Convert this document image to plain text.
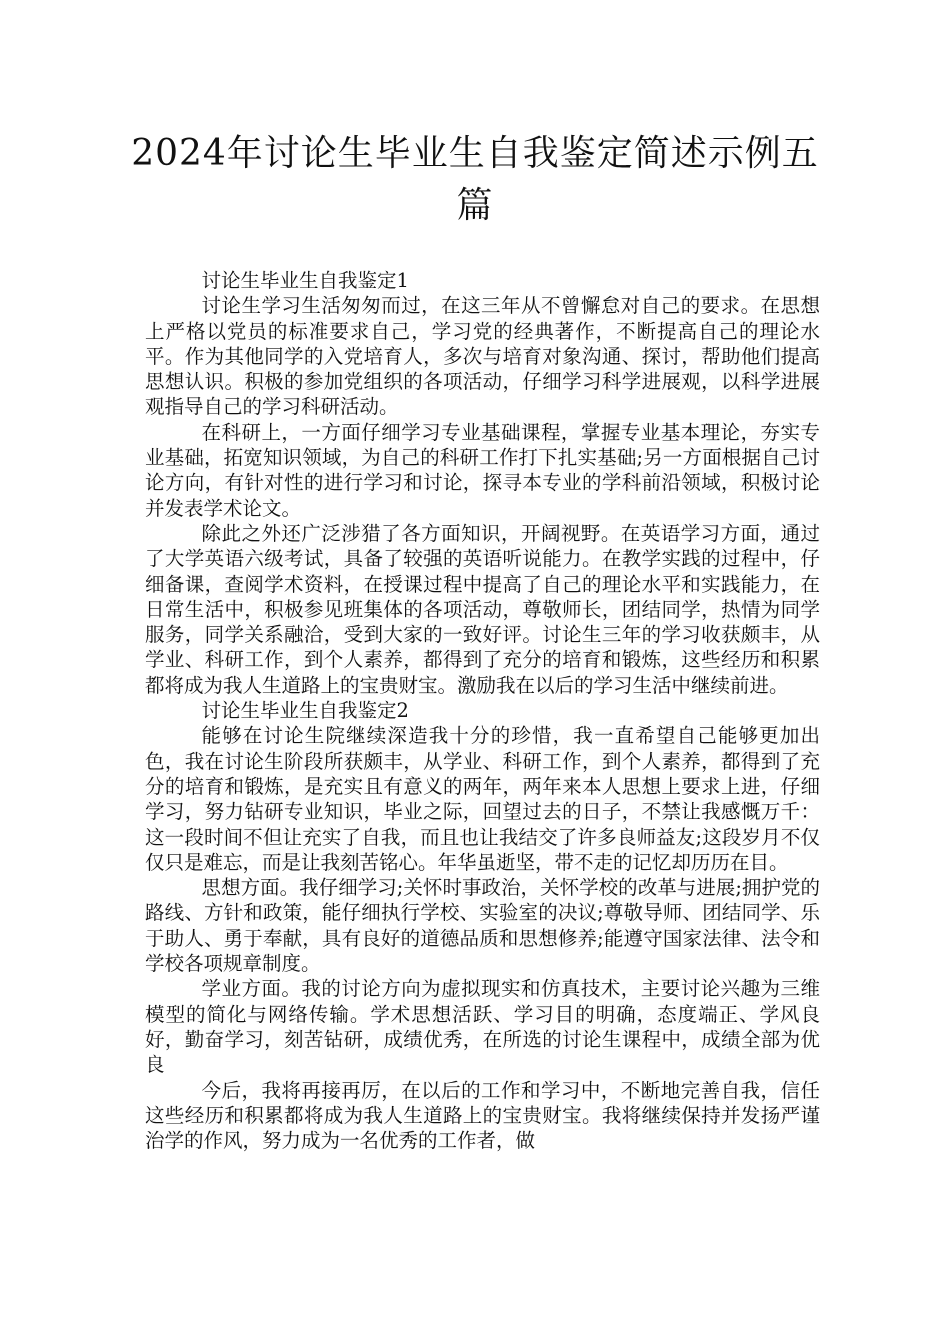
2024年讨论生毕业生自我鉴定简述示例五篇

讨论生毕业生自我鉴定1

讨论生学习生活匆匆而过，在这三年从不曾懈怠对自己的要求。在思想上严格以党员的标准要求自己，学习党的经典著作，不断提高自己的理论水平。作为其他同学的入党培育人，多次与培育对象沟通、探讨，帮助他们提高思想认识。积极的参加党组织的各项活动，仔细学习科学进展观，以科学进展观指导自己的学习科研活动。

在科研上，一方面仔细学习专业基础课程，掌握专业基本理论，夯实专业基础，拓宽知识领域，为自己的科研工作打下扎实基础;另一方面根据自己讨论方向，有针对性的进行学习和讨论，探寻本专业的学科前沿领域，积极讨论并发表学术论文。

除此之外还广泛涉猎了各方面知识，开阔视野。在英语学习方面，通过了大学英语六级考试，具备了较强的英语听说能力。在教学实践的过程中，仔细备课，查阅学术资料，在授课过程中提高了自己的理论水平和实践能力，在日常生活中，积极参见班集体的各项活动，尊敬师长，团结同学，热情为同学服务，同学关系融洽，受到大家的一致好评。讨论生三年的学习收获颇丰，从学业、科研工作，到个人素养，都得到了充分的培育和锻炼，这些经历和积累都将成为我人生道路上的宝贵财宝。激励我在以后的学习生活中继续前进。

讨论生毕业生自我鉴定2

能够在讨论生院继续深造我十分的珍惜，我一直希望自己能够更加出色，我在讨论生阶段所获颇丰，从学业、科研工作，到个人素养，都得到了充分的培育和锻炼，是充实且有意义的两年，两年来本人思想上要求上进，仔细学习，努力钻研专业知识，毕业之际，回望过去的日子，不禁让我感慨万千：这一段时间不但让充实了自我，而且也让我结交了许多良师益友;这段岁月不仅仅只是难忘，而是让我刻苦铭心。年华虽逝坚，带不走的记忆却历历在目。

思想方面。我仔细学习;关怀时事政治，关怀学校的改革与进展;拥护党的路线、方针和政策，能仔细执行学校、实验室的决议;尊敬导师、团结同学、乐于助人、勇于奉献，具有良好的道德品质和思想修养;能遵守国家法律、法令和学校各项规章制度。

学业方面。我的讨论方向为虚拟现实和仿真技术，主要讨论兴趣为三维模型的简化与网络传输。学术思想活跃、学习目的明确，态度端正、学风良好，勤奋学习，刻苦钻研，成绩优秀，在所选的讨论生课程中，成绩全部为优良

今后，我将再接再厉，在以后的工作和学习中，不断地完善自我，信任这些经历和积累都将成为我人生道路上的宝贵财宝。我将继续保持并发扬严谨治学的作风，努力成为一名优秀的工作者，做
